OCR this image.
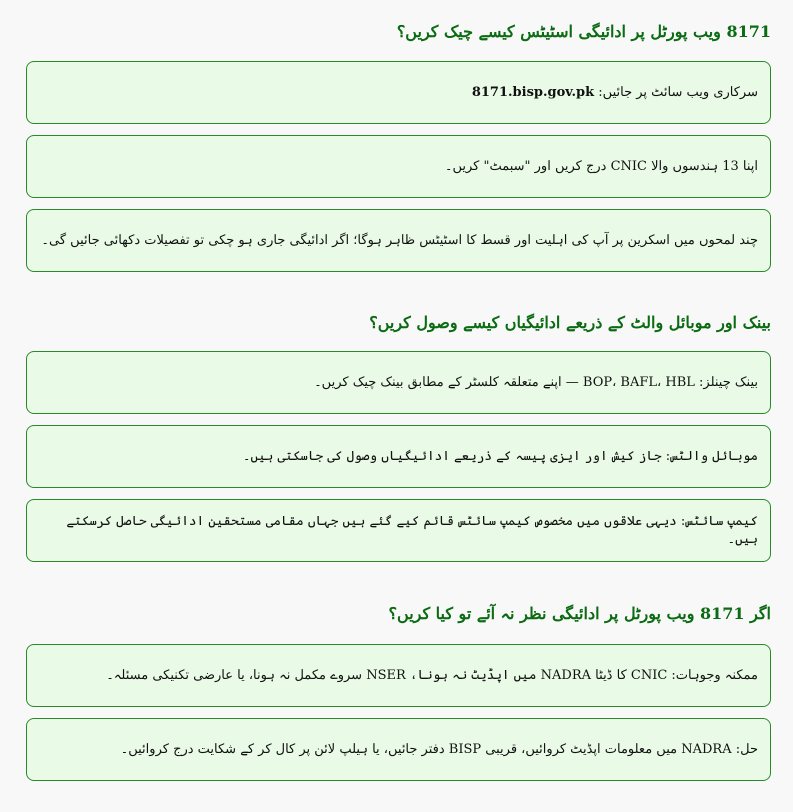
8171 ویب پورٹل پر ادائیگی اسٹیٹس کیسے چیک کریں؟
سرکاری ویب سائٹ پر جائیں: 8171.bisp.gov.pk
اپنا 13 ہندسوں والا CNIC درج کریں اور "سبمٹ" کریں۔
چند لمحوں میں اسکرین پر آپ کی اہلیت اور قسط کا اسٹیٹس ظاہر ہوگا؛ اگر ادائیگی جاری ہو چکی تو تفصیلات دکھائی جائیں گی۔
بینک اور موبائل والٹ کے ذریعے ادائیگیاں کیسے وصول کریں؟
بینک چینلز: BOP، BAFL، HBL — اپنے متعلقہ کلسٹر کے مطابق بینک چیک کریں۔
موبائل والٹس: جاز کیش اور ایزی پیسہ کے ذریعے ادائیگیاں وصول کی جاسکتی ہیں۔
کیمپ سائٹس: دیہی علاقوں میں مخصوص کیمپ سائٹس قائم کیے گئے ہیں جہاں مقامی مستحقین ادائیگی حاصل کرسکتے ہیں۔
اگر 8171 ویب پورٹل پر ادائیگی نظر نہ آئے تو کیا کریں؟
ممکنہ وجوہات: CNIC کا ڈیٹا NADRA میں اپڈیٹ نہ ہونا، NSER سروے مکمل نہ ہونا، یا عارضی تکنیکی مسئلہ۔
حل: NADRA میں معلومات اپڈیٹ کروائیں، قریبی BISP دفتر جائیں، یا ہیلپ لائن پر کال کر کے شکایت درج کروائیں۔
